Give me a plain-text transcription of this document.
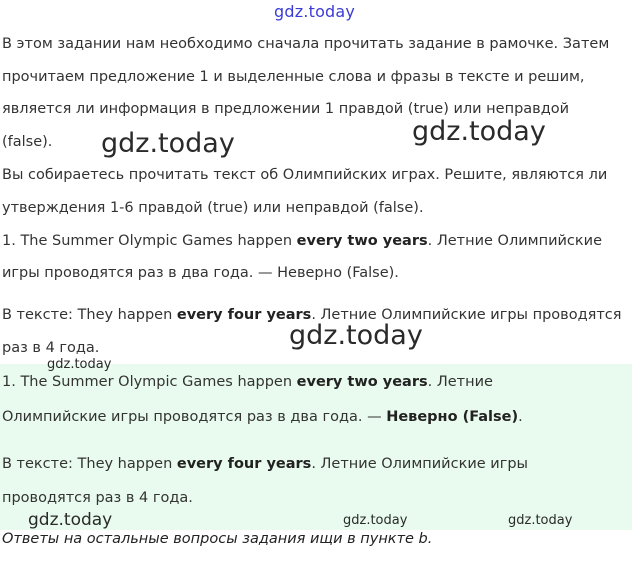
gdz.today

В этом задании нам необходимо сначала прочитать задание в рамочке. Затем

прочитаем предложение 1 и выделенные слова и фразы в тексте и решим,

является ли информация в предложении 1 правдой (true) или неправдой

(false).

Вы собираетесь прочитать текст об Олимпийских играх. Решите, являются ли

утверждения 1-6 правдой (true) или неправдой (false).

1. The Summer Olympic Games happen every two years. Летние Олимпийские

игры проводятся раз в два года. — Неверно (False).

В тексте: They happen every four years. Летние Олимпийские игры проводятся

раз в 4 года.

1. The Summer Olympic Games happen every two years. Летние

Олимпийские игры проводятся раз в два года. — Неверно (False).

В тексте: They happen every four years. Летние Олимпийские игры

проводятся раз в 4 года.

Ответы на остальные вопросы задания ищи в пункте b.

gdz.today	gdz.today
gdz.today
gdz.today
gdz.today	gdz.today	gdz.today
